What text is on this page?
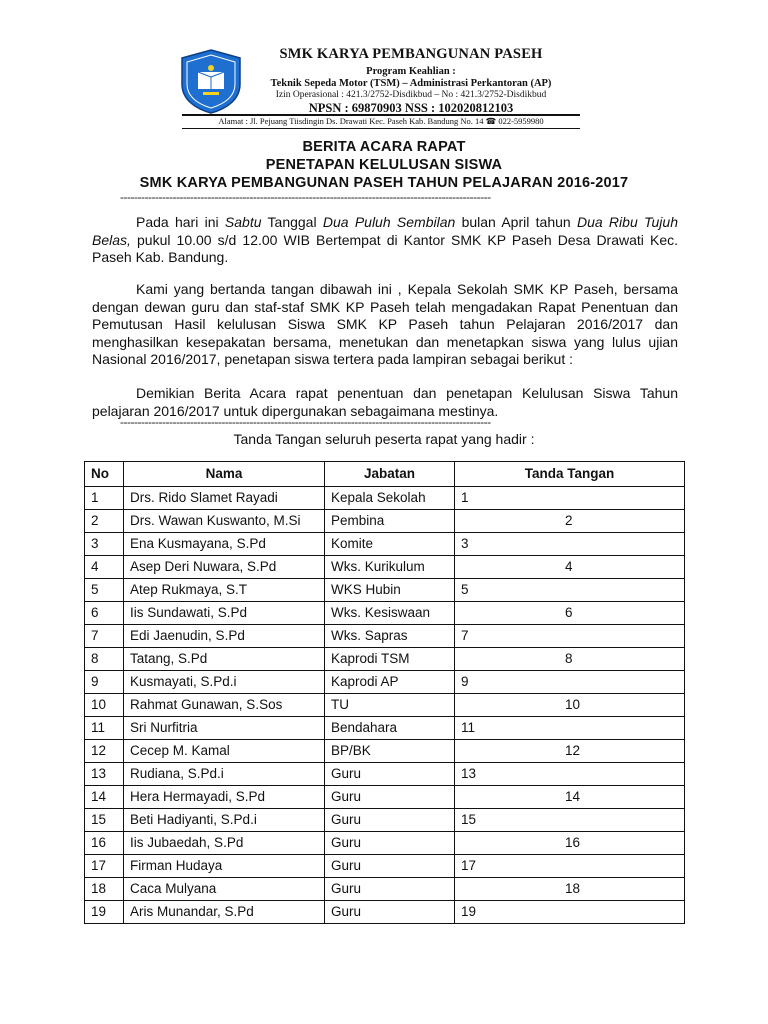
SMK KARYA PEMBANGUNAN PASEH
Program Keahlian :
Teknik Sepeda Motor (TSM) – Administrasi Perkantoran (AP)
Izin Operasional : 421.3/2752-Disdikbud – No : 421.3/2752-Disdikbud
NPSN : 69870903 NSS : 102020812103
Alamat : Jl. Pejuang Tiisdingin Ds. Drawati Kec. Paseh Kab. Bandung No. 14 ☎ 022-5959980
BERITA ACARA RAPAT
PENETAPAN KELULUSAN SISWA
SMK KARYA PEMBANGUNAN PASEH TAHUN PELAJARAN 2016-2017
----------------------------------------------------------------------------------------------------------
Pada hari ini Sabtu Tanggal Dua Puluh Sembilan bulan April tahun Dua Ribu Tujuh Belas, pukul 10.00 s/d 12.00 WIB Bertempat di Kantor SMK KP Paseh Desa Drawati Kec. Paseh Kab. Bandung.
Kami yang bertanda tangan dibawah ini , Kepala Sekolah SMK KP Paseh, bersama dengan dewan guru dan staf-staf SMK KP Paseh telah mengadakan Rapat Penentuan dan Pemutusan Hasil kelulusan Siswa SMK KP Paseh tahun Pelajaran 2016/2017 dan menghasilkan kesepakatan bersama, menetukan dan menetapkan siswa yang lulus ujian Nasional 2016/2017, penetapan siswa tertera pada lampiran sebagai berikut :
Demikian Berita Acara rapat penentuan dan penetapan Kelulusan Siswa Tahun pelajaran 2016/2017 untuk dipergunakan sebagaimana mestinya.
----------------------------------------------------------------------------------------------------------
Tanda Tangan seluruh peserta rapat yang hadir :
No	Nama	Jabatan	Tanda Tangan
1	Drs. Rido Slamet Rayadi	Kepala Sekolah	1
2	Drs. Wawan Kuswanto, M.Si	Pembina	2
3	Ena Kusmayana, S.Pd	Komite	3
4	Asep Deri Nuwara, S.Pd	Wks. Kurikulum	4
5	Atep Rukmaya, S.T	WKS Hubin	5
6	Iis Sundawati, S.Pd	Wks. Kesiswaan	6
7	Edi Jaenudin, S.Pd	Wks. Sapras	7
8	Tatang, S.Pd	Kaprodi TSM	8
9	Kusmayati, S.Pd.i	Kaprodi AP	9
10	Rahmat Gunawan, S.Sos	TU	10
11	Sri Nurfitria	Bendahara	11
12	Cecep M. Kamal	BP/BK	12
13	Rudiana, S.Pd.i	Guru	13
14	Hera Hermayadi, S.Pd	Guru	14
15	Beti Hadiyanti, S.Pd.i	Guru	15
16	Iis Jubaedah, S.Pd	Guru	16
17	Firman Hudaya	Guru	17
18	Caca Mulyana	Guru	18
19	Aris Munandar, S.Pd	Guru	19
